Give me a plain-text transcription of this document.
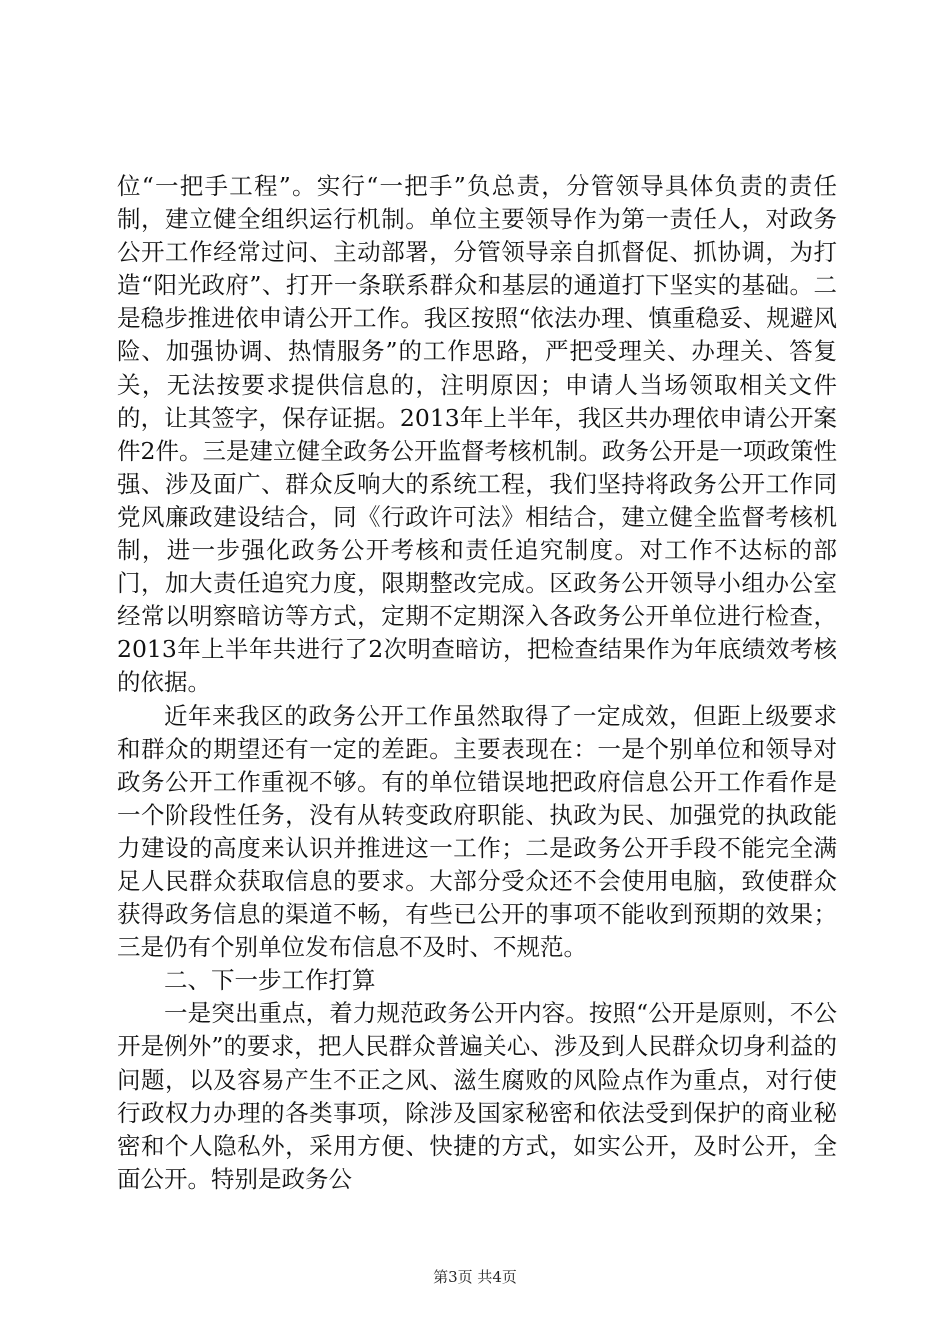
位“一把手工程”。实行“一把手”负总责，分管领导具体负责的责任制，建立健全组织运行机制。单位主要领导作为第一责任人，对政务公开工作经常过问、主动部署，分管领导亲自抓督促、抓协调，为打造“阳光政府”、打开一条联系群众和基层的通道打下坚实的基础。二是稳步推进依申请公开工作。我区按照“依法办理、慎重稳妥、规避风险、加强协调、热情服务”的工作思路，严把受理关、办理关、答复关，无法按要求提供信息的，注明原因；申请人当场领取相关文件的，让其签字，保存证据。2013年上半年，我区共办理依申请公开案件2件。三是建立健全政务公开监督考核机制。政务公开是一项政策性强、涉及面广、群众反响大的系统工程，我们坚持将政务公开工作同党风廉政建设结合，同《行政许可法》相结合，建立健全监督考核机制，进一步强化政务公开考核和责任追究制度。对工作不达标的部门，加大责任追究力度，限期整改完成。区政务公开领导小组办公室经常以明察暗访等方式，定期不定期深入各政务公开单位进行检查，2013年上半年共进行了2次明查暗访，把检查结果作为年底绩效考核的依据。

近年来我区的政务公开工作虽然取得了一定成效，但距上级要求和群众的期望还有一定的差距。主要表现在：一是个别单位和领导对政务公开工作重视不够。有的单位错误地把政府信息公开工作看作是一个阶段性任务，没有从转变政府职能、执政为民、加强党的执政能力建设的高度来认识并推进这一工作；二是政务公开手段不能完全满足人民群众获取信息的要求。大部分受众还不会使用电脑，致使群众获得政务信息的渠道不畅，有些已公开的事项不能收到预期的效果；三是仍有个别单位发布信息不及时、不规范。

二、下一步工作打算

一是突出重点，着力规范政务公开内容。按照“公开是原则，不公开是例外”的要求，把人民群众普遍关心、涉及到人民群众切身利益的问题，以及容易产生不正之风、滋生腐败的风险点作为重点，对行使行政权力办理的各类事项，除涉及国家秘密和依法受到保护的商业秘密和个人隐私外，采用方便、快捷的方式，如实公开，及时公开，全面公开。特别是政务公

第3页 共4页
